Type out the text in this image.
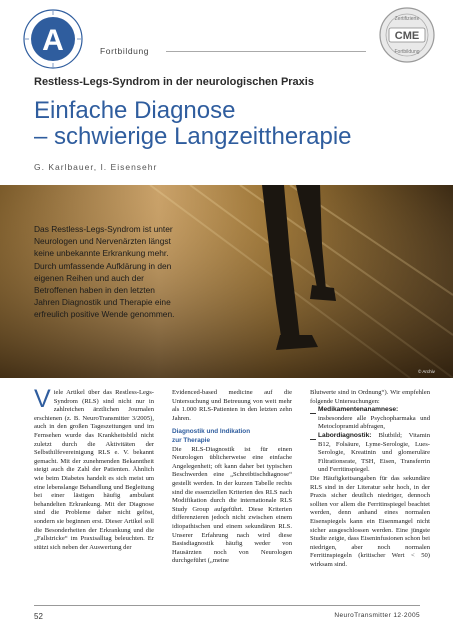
A	Fortbildung
Zertifizierte
CME
Fortbildung
Restless-Legs-Syndrom in der neurologischen Praxis
Einfache Diagnose
– schwierige Langzeittherapie
G. Karlbauer, I. Eisensehr
Das Restless-Legs-Syndrom ist unter Neurologen und Nervenärzten längst keine unbekannte Erkrankung mehr. Durch umfassende Aufklärung in den eigenen Reihen und auch der Betroffenen haben in den letzten Jahren Diagnostik und Therapie eine erfreulich positive Wende genommen.
© Archiv
V iele Artikel über das Restless-Legs-Syndrom (RLS) sind nicht nur in zahlreichen ärztlichen Journalen erschienen (z. B. NeuroTransmitter 3/2005), auch in den großen Tageszeitungen und im Fernsehen wurde das Krankheitsbild nicht zuletzt durch die Aktivitäten der Selbsthilfevereinigung RLS e. V. bekannt gemacht. Mit der zunehmenden Bekanntheit steigt auch die Zahl der Patienten. Ähnlich wie beim Diabetes handelt es sich meist um eine lebenslange Behandlung und Begleitung bei einer lästigen häufig ambulant behandelten Erkrankung. Mit der Diagnose sind die Probleme daher nicht gelöst, sondern sie beginnen erst. Dieser Artikel soll die Besonderheiten der Erkrankung und die „Fallstricke“ im Praxisalltag beleuchten. Er stützt sich neben der Auswertung der
Evidenced-based medicine auf die Untersuchung und Betreuung von weit mehr als 1.000 RLS-Patienten in den letzten zehn Jahren.
Diagnostik und Indikation
zur Therapie
Die RLS-Diagnostik ist für einen Neurologen üblicherweise eine einfache Angelegenheit; oft kann daher bei typischen Beschwerden eine „Schreibtischdiagnose“ gestellt werden. In der kurzen Tabelle rechts sind die essenziellen Kriterien des RLS nach Modifikation durch die internationale RLS Study Group aufgeführt. Diese Kriterien differenzieren jedoch nicht zwischen einem idiopathischen und einem sekundären RLS. Unserer Erfahrung nach wird diese Basisdiagnostik häufig weder von Hausärzten noch von Neurologen durchgeführt („meine
Blutwerte sind in Ordnung“). Wir empfehlen folgende Untersuchungen:
Medikamentenanamnese: insbesondere alle Psychopharmaka und Metoclopramid abfragen,
Labordiagnostik: Blutbild; Vitamin B12, Folsäure, Lyme-Serologie, Lues-Serologie, Kreatinin und glomeruläre Filtrationsrate, TSH, Eisen, Transferrin und Ferritinspiegel.
Die Häufigkeitsangaben für das sekundäre RLS sind in der Literatur sehr hoch, in der Praxis sicher deutlich niedriger, dennoch sollten vor allem die Ferritinspiegel beachtet werden, denn anhand eines normalen Eisenspiegels kann ein Eisenmangel nicht sicher ausgeschlossen werden. Eine jüngste Studie zeigte, dass Eiseninfusionen schon bei niedrigen, aber noch normalen Ferritinspiegeln (kritischer Wert < 50) wirksam sind.
52	NeuroTransmitter 12·2005
